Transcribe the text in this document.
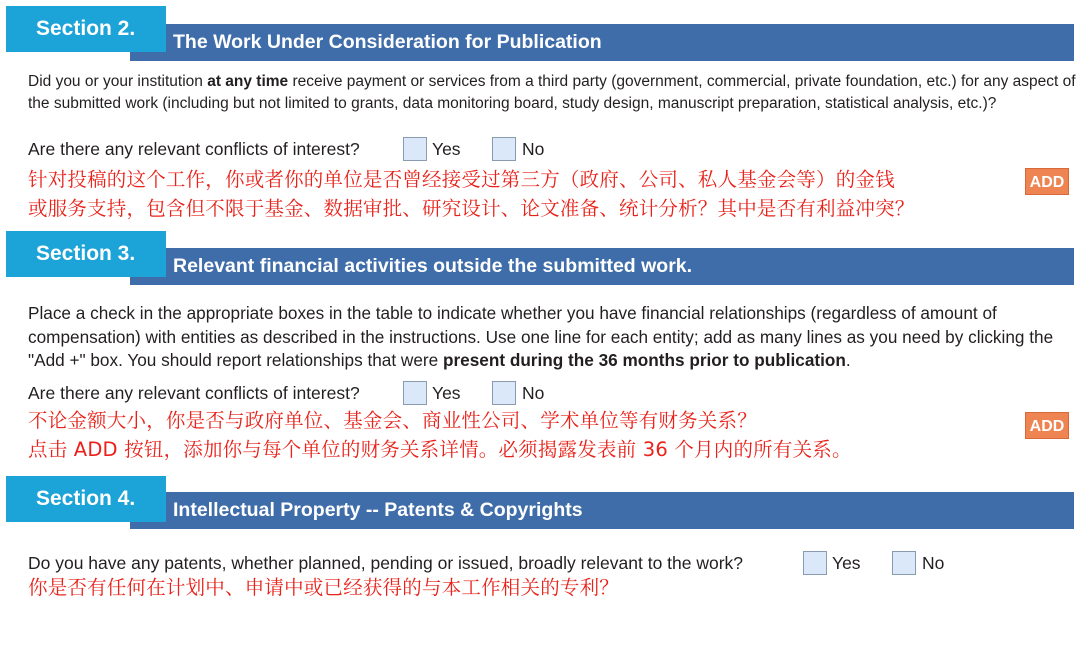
The Work Under Consideration for Publication
Section 2.
Did you or your institution at any time receive payment or services from a third party (government, commercial, private foundation, etc.) for any aspect of the submitted work (including but not limited to grants, data monitoring board, study design, manuscript preparation, statistical analysis, etc.)?
Are there any relevant conflicts of interest?	Yes	No
针对投稿的这个工作，你或者你的单位是否曾经接受过第三方（政府、公司、私人基金会等）的金钱
或服务支持，包含但不限于基金、数据审批、研究设计、论文准备、统计分析？其中是否有利益冲突？
ADD
Relevant financial activities outside the submitted work.
Section 3.
Place a check in the appropriate boxes in the table to indicate whether you have financial relationships (regardless of amount of compensation) with entities as described in the instructions. Use one line for each entity; add as many lines as you need by clicking the "Add +" box. You should report relationships that were present during the 36 months prior to publication.
Are there any relevant conflicts of interest?	Yes	No
不论金额大小，你是否与政府单位、基金会、商业性公司、学术单位等有财务关系？
点击 ADD 按钮，添加你与每个单位的财务关系详情。必须揭露发表前 36 个月内的所有关系。
ADD
Intellectual Property -- Patents & Copyrights
Section 4.
Do you have any patents, whether planned, pending or issued, broadly relevant to the work?	Yes	No
你是否有任何在计划中、申请中或已经获得的与本工作相关的专利？
